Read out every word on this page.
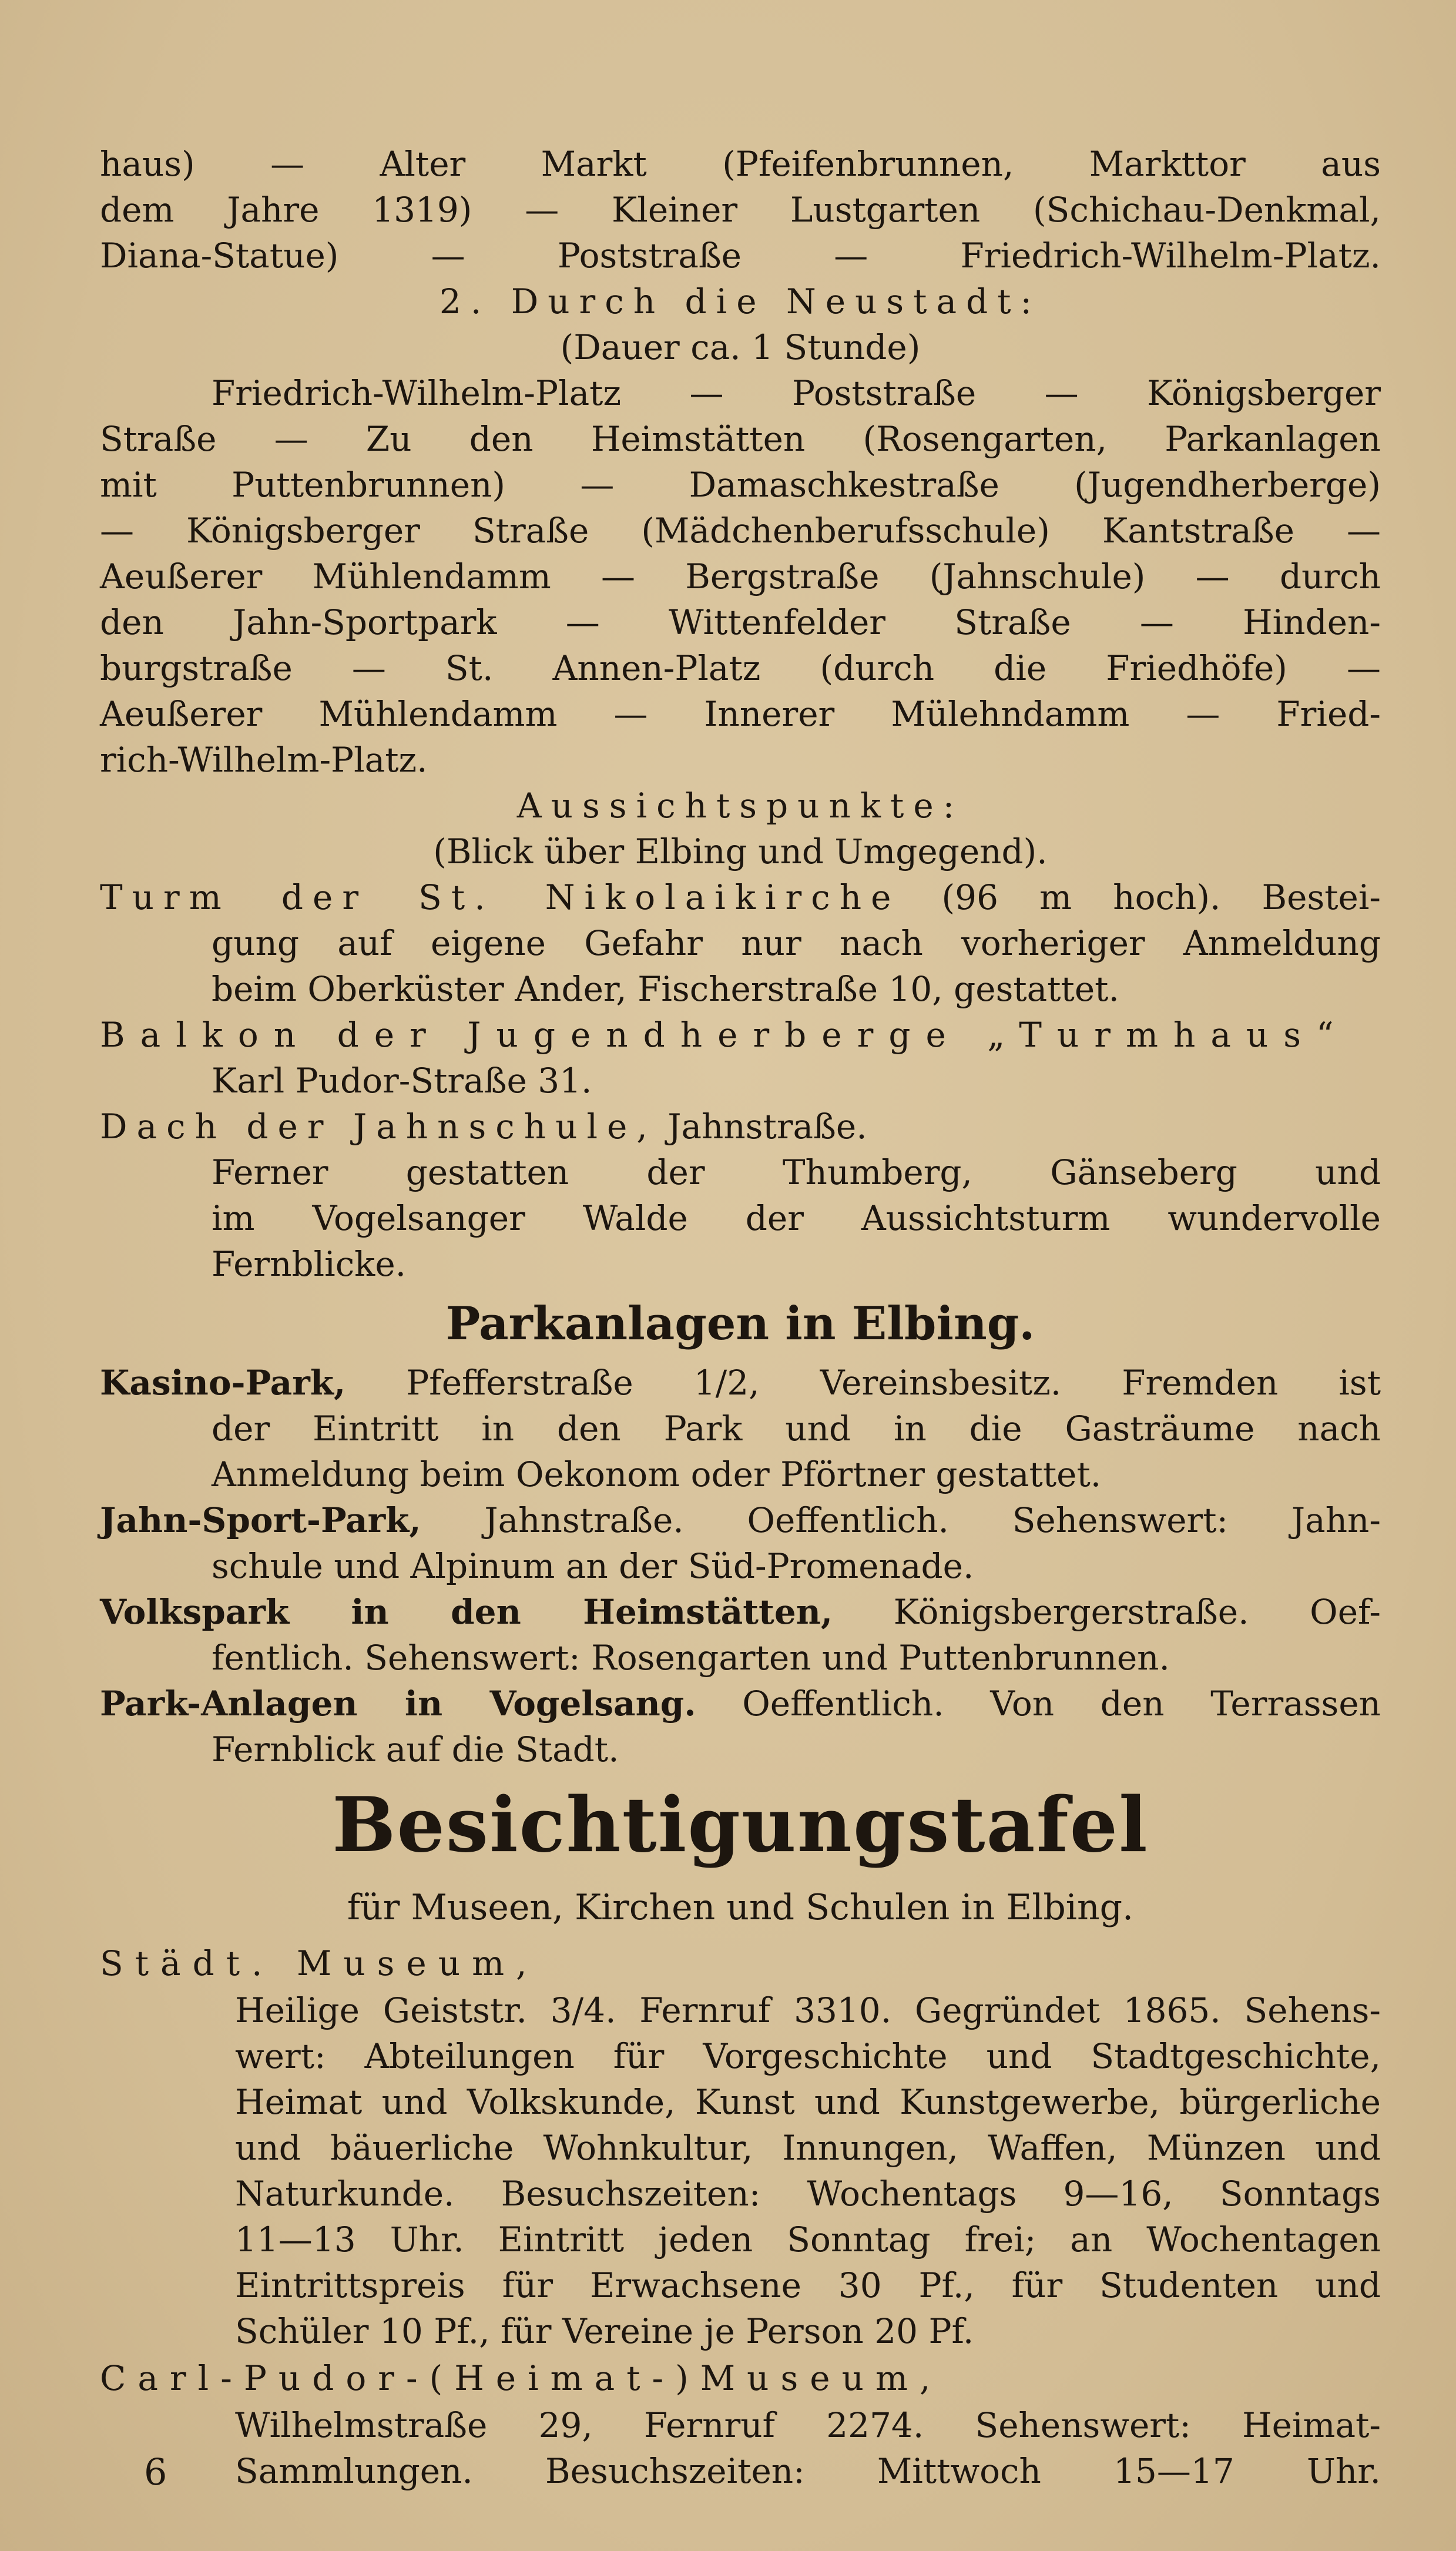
haus) — Alter Markt (Pfeifenbrunnen, Markttor aus
dem Jahre 1319) — Kleiner Lustgarten (Schichau-Denkmal,
Diana-Statue) — Poststraße — Friedrich-Wilhelm-Platz.
2. Durch die Neustadt:
(Dauer ca. 1 Stunde)
Friedrich-Wilhelm-Platz — Poststraße — Königsberger
Straße — Zu den Heimstätten (Rosengarten, Parkanlagen
mit Puttenbrunnen) — Damaschkestraße (Jugendherberge)
— Königsberger Straße (Mädchenberufsschule) Kantstraße —
Aeußerer Mühlendamm — Bergstraße (Jahnschule) — durch
den Jahn-Sportpark — Wittenfelder Straße — Hinden-
burgstraße — St. Annen-Platz (durch die Friedhöfe) —
Aeußerer Mühlendamm — Innerer Mülehndamm — Fried-
rich-Wilhelm-Platz.
Aussichtspunkte:
(Blick über Elbing und Umgegend).
Turm der St. Nikolaikirche (96 m hoch). Bestei-
gung auf eigene Gefahr nur nach vorheriger Anmeldung
beim Oberküster Ander, Fischerstraße 10, gestattet.
Balkon der Jugendherberge „Turmhaus“
Karl Pudor-Straße 31.
Dach der Jahnschule, Jahnstraße.
Ferner gestatten der Thumberg, Gänseberg und
im Vogelsanger Walde der Aussichtsturm wundervolle
Fernblicke.
Parkanlagen in Elbing.
Kasino-Park, Pfefferstraße 1/2, Vereinsbesitz. Fremden ist
der Eintritt in den Park und in die Gasträume nach
Anmeldung beim Oekonom oder Pförtner gestattet.
Jahn-Sport-Park, Jahnstraße. Oeffentlich. Sehenswert: Jahn-
schule und Alpinum an der Süd-Promenade.
Volkspark in den Heimstätten, Königsbergerstraße. Oef-
fentlich. Sehenswert: Rosengarten und Puttenbrunnen.
Park-Anlagen in Vogelsang. Oeffentlich. Von den Terrassen
Fernblick auf die Stadt.
Besichtigungstafel
für Museen, Kirchen und Schulen in Elbing.
Städt. Museum,
Heilige Geiststr. 3/4. Fernruf 3310. Gegründet 1865. Sehens-
wert: Abteilungen für Vorgeschichte und Stadtgeschichte,
Heimat und Volkskunde, Kunst und Kunstgewerbe, bürgerliche
und bäuerliche Wohnkultur, Innungen, Waffen, Münzen und
Naturkunde. Besuchszeiten: Wochentags 9—16, Sonntags
11—13 Uhr. Eintritt jeden Sonntag frei; an Wochentagen
Eintrittspreis für Erwachsene 30 Pf., für Studenten und
Schüler 10 Pf., für Vereine je Person 20 Pf.
Carl-Pudor-(Heimat-)Museum,
Wilhelmstraße 29, Fernruf 2274. Sehenswert: Heimat-
Sammlungen. Besuchszeiten: Mittwoch 15—17 Uhr.
6
